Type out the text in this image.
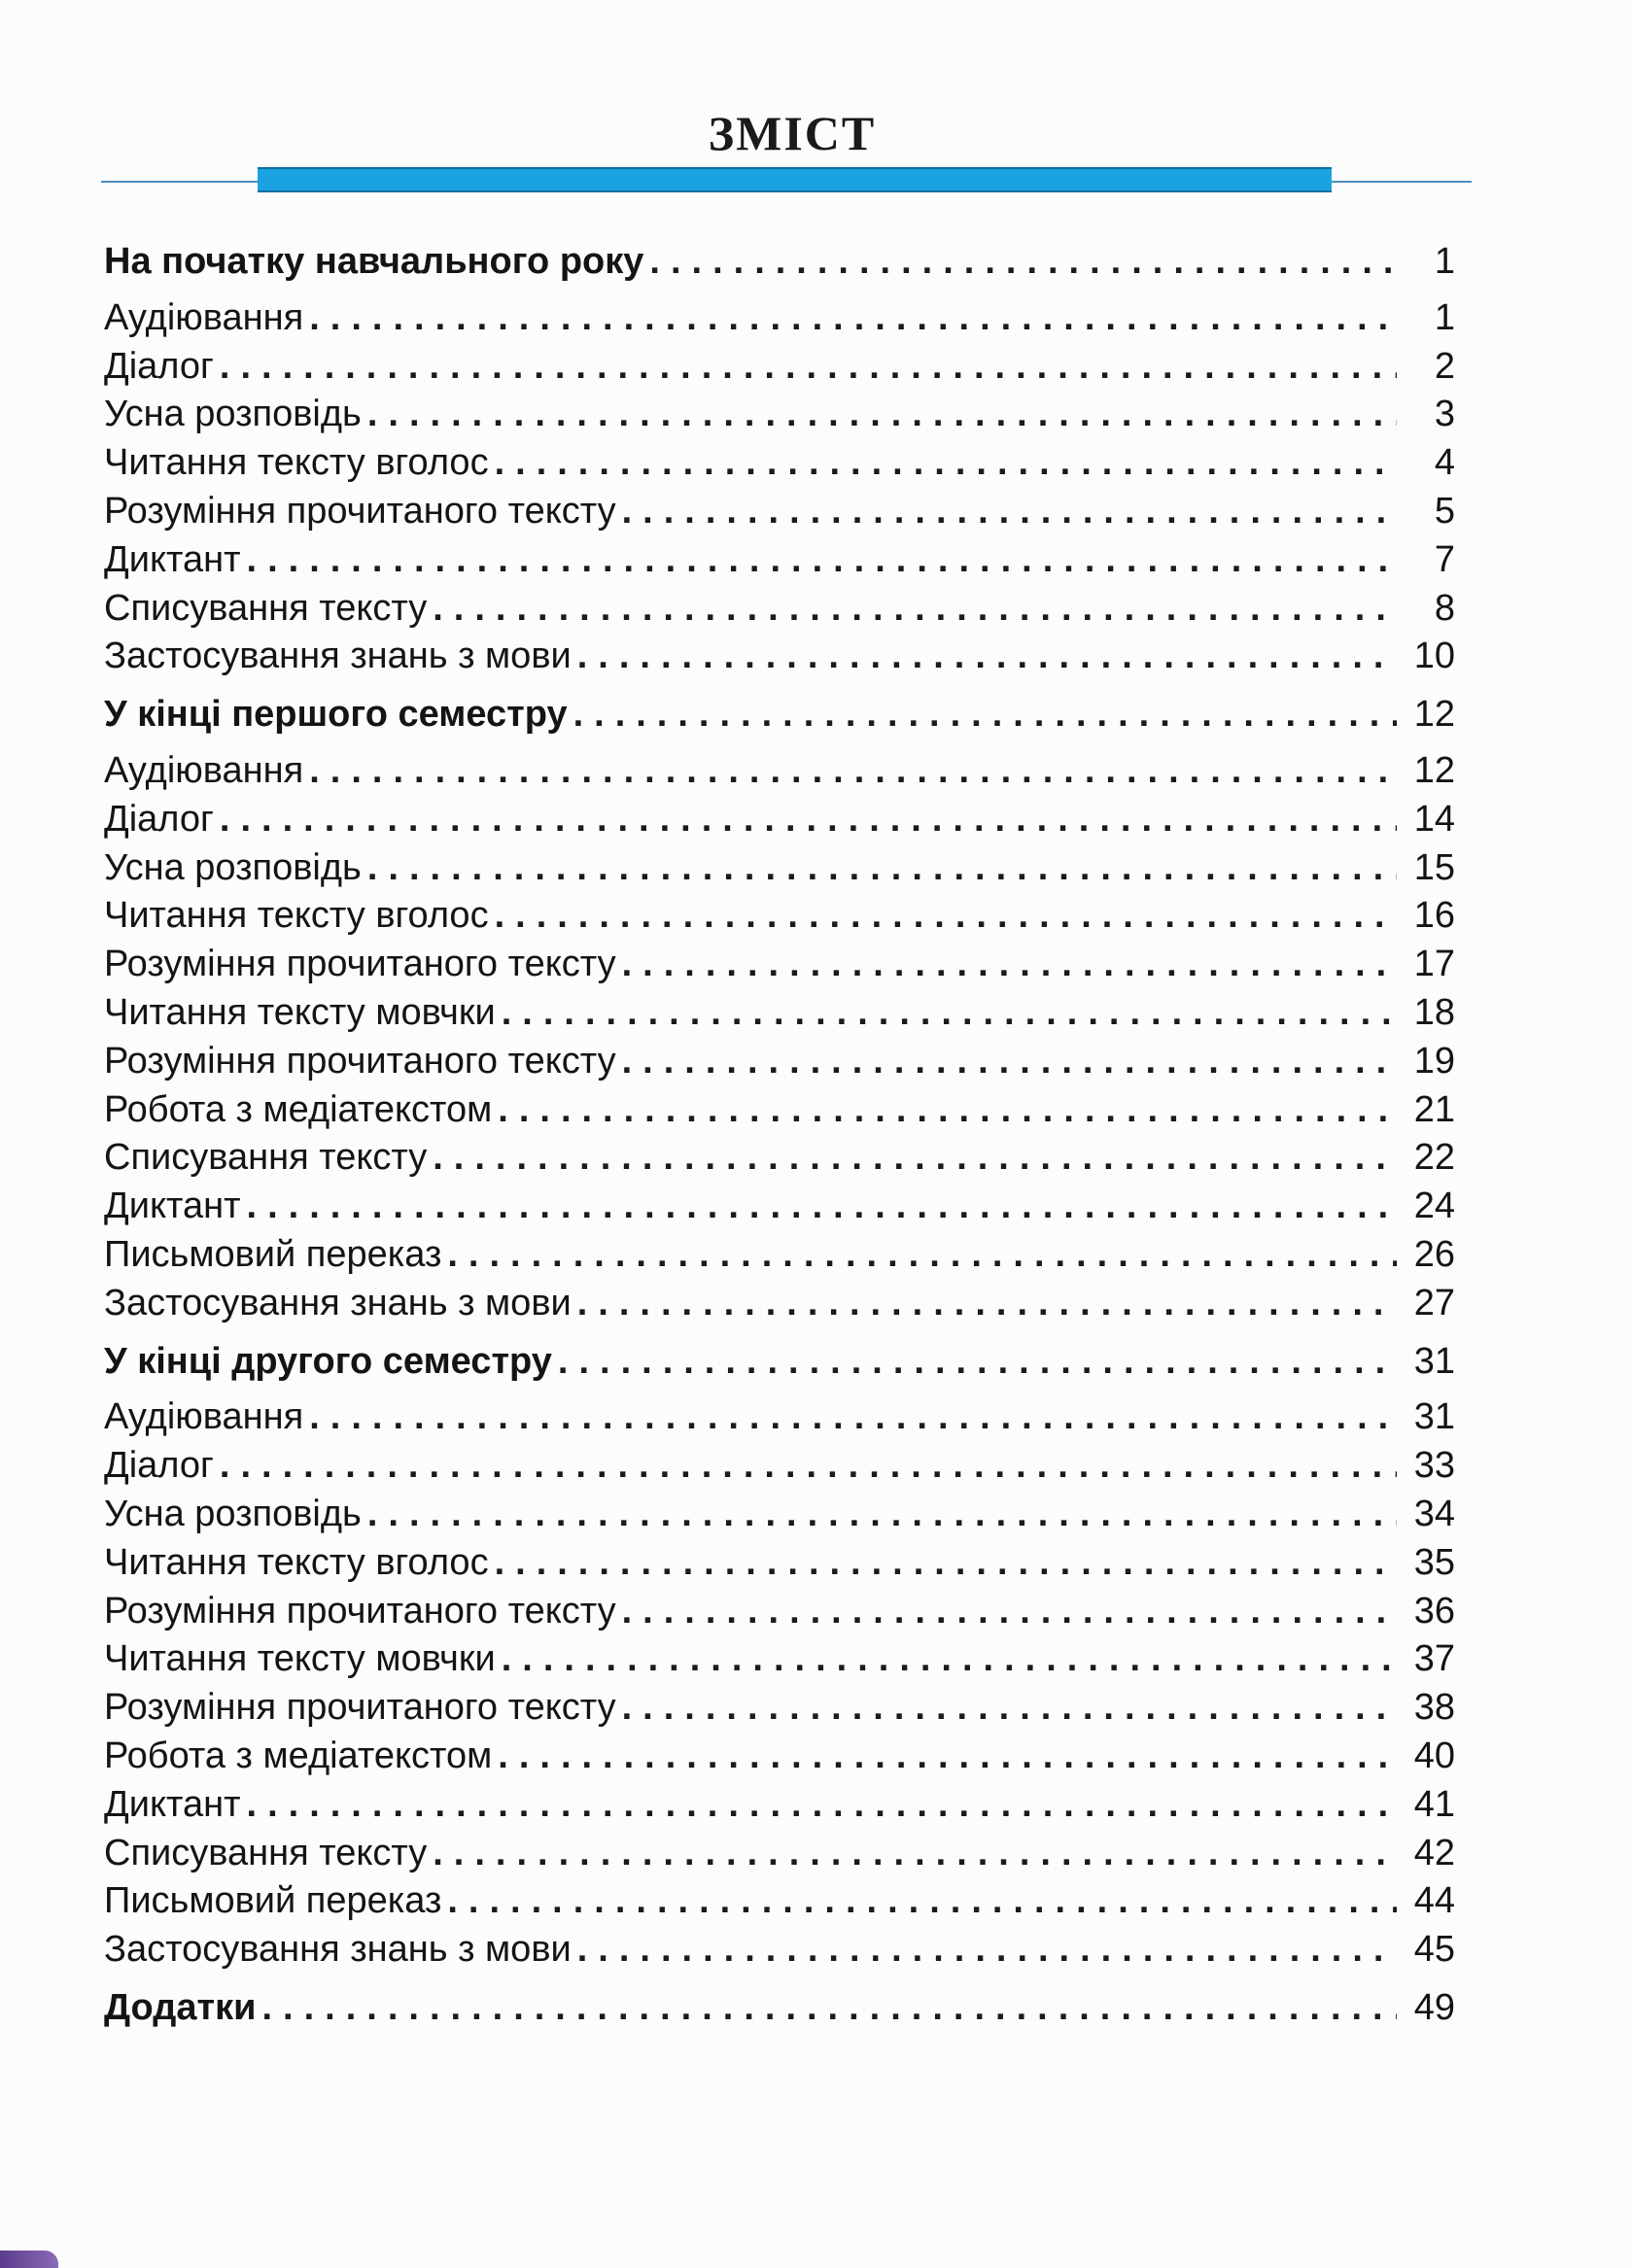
ЗМІСТ
На початку навчального року .....	1
Аудіювання .....	1
Діалог .....	2
Усна розповідь .....	3
Читання тексту вголос .....	4
Розуміння прочитаного тексту .....	5
Диктант .....	7
Списування тексту .....	8
Застосування знань з мови .....	10
У кінці першого семестру .....	12
Аудіювання .....	12
Діалог .....	14
Усна розповідь .....	15
Читання тексту вголос .....	16
Розуміння прочитаного тексту .....	17
Читання тексту мовчки .....	18
Розуміння прочитаного тексту .....	19
Робота з медіатекстом .....	21
Списування тексту .....	22
Диктант .....	24
Письмовий переказ .....	26
Застосування знань з мови .....	27
У кінці другого семестру .....	31
Аудіювання .....	31
Діалог .....	33
Усна розповідь .....	34
Читання тексту вголос .....	35
Розуміння прочитаного тексту .....	36
Читання тексту мовчки .....	37
Розуміння прочитаного тексту .....	38
Робота з медіатекстом .....	40
Диктант .....	41
Списування тексту .....	42
Письмовий переказ .....	44
Застосування знань з мови .....	45
Додатки .....	49
